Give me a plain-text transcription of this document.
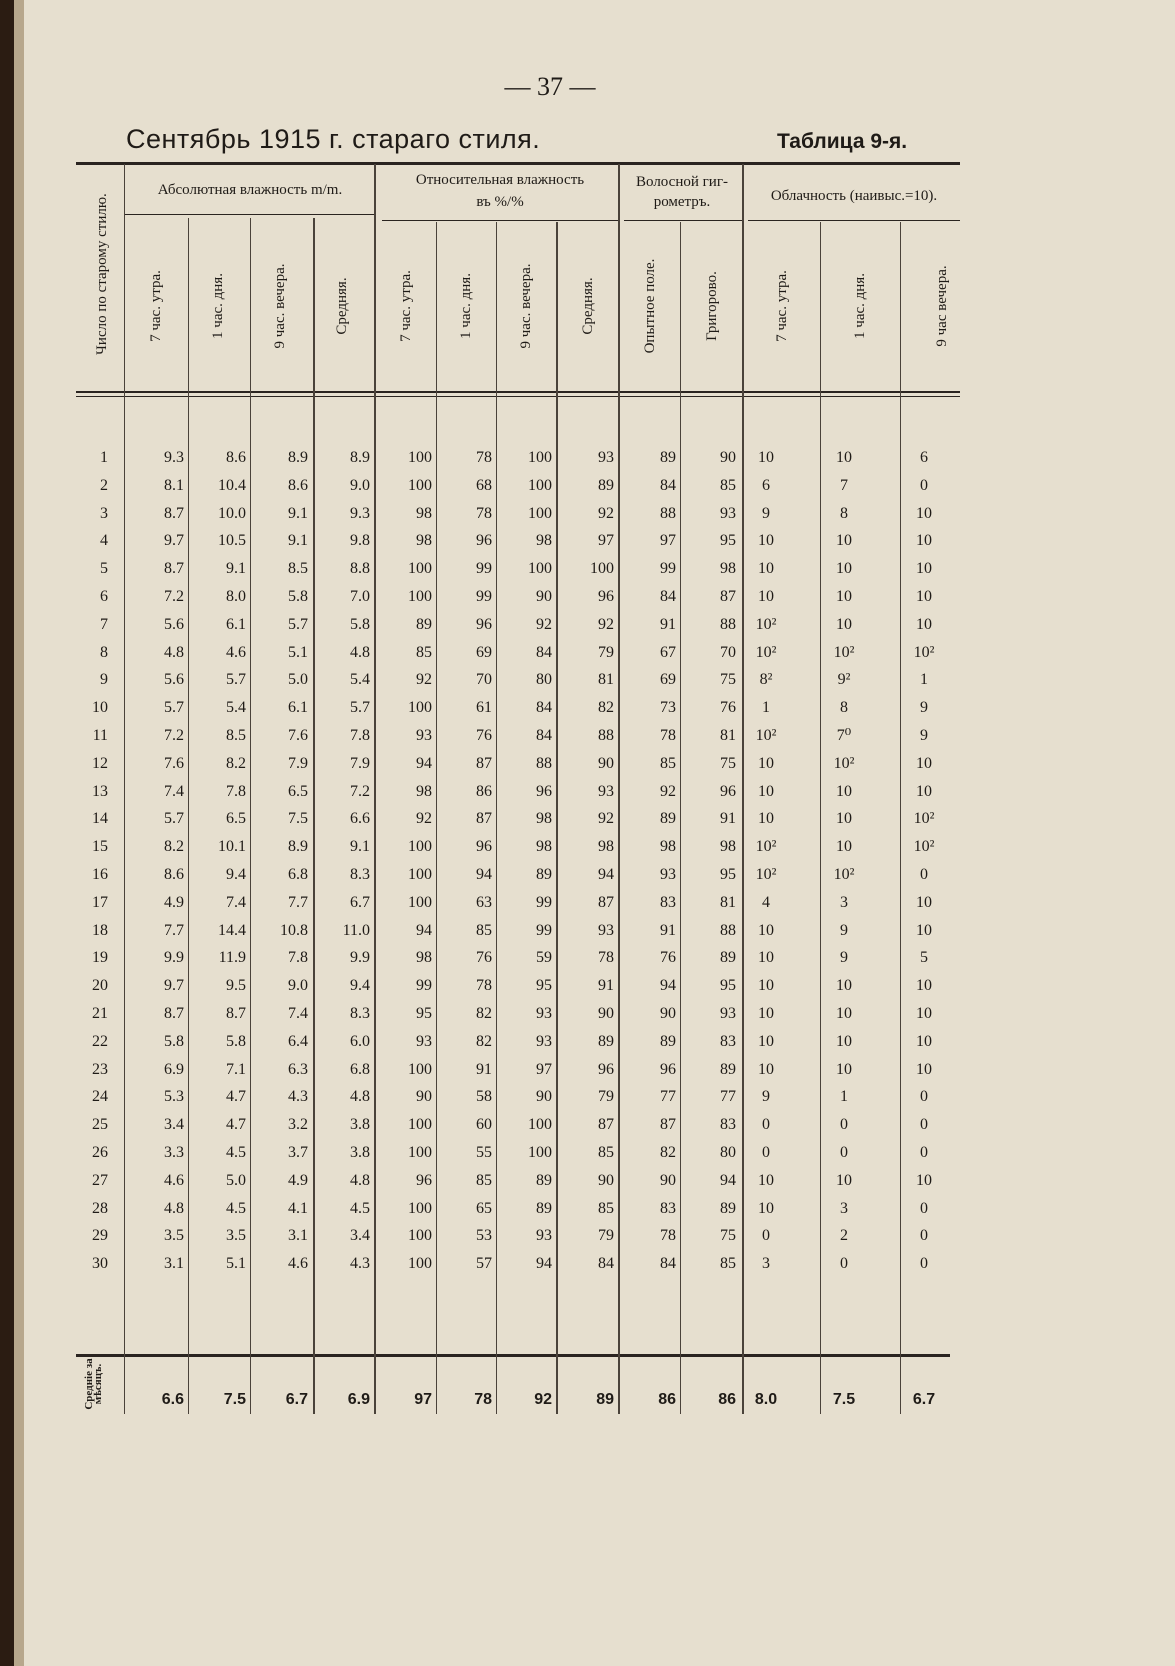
— 37 —
Сентябрь 1915 г. стараго стиля.	Таблица 9-я.
Абсолютная влажность m/m.
Относительная влажность
въ %/%
Волосной гиг-
рометръ.	Облачность (наивыс.=10).
Число по старому стилю.	7 час. утра.	1 час. дня.	9 час. вечера.	Средняя.	7 час. утра.	1 час. дня.	9 час. вечера.	Средняя.	Опытное поле.	Григорово.	7 час. утра.	1 час. дня.	9 час вечера.
1	9.3	8.6	8.9	8.9	100	78	100	93	89	90	10	10	6
2	8.1	10.4	8.6	9.0	100	68	100	89	84	85	6	7	0
3	8.7	10.0	9.1	9.3	98	78	100	92	88	93	9	8	10
4	9.7	10.5	9.1	9.8	98	96	98	97	97	95	10	10	10
5	8.7	9.1	8.5	8.8	100	99	100	100	99	98	10	10	10
6	7.2	8.0	5.8	7.0	100	99	90	96	84	87	10	10	10
7	5.6	6.1	5.7	5.8	89	96	92	92	91	88	10²	10	10
8	4.8	4.6	5.1	4.8	85	69	84	79	67	70	10²	10²	10²
9	5.6	5.7	5.0	5.4	92	70	80	81	69	75	8²	9²	1
10	5.7	5.4	6.1	5.7	100	61	84	82	73	76	1	8	9
11	7.2	8.5	7.6	7.8	93	76	84	88	78	81	10²	7⁰	9
12	7.6	8.2	7.9	7.9	94	87	88	90	85	75	10	10²	10
13	7.4	7.8	6.5	7.2	98	86	96	93	92	96	10	10	10
14	5.7	6.5	7.5	6.6	92	87	98	92	89	91	10	10	10²
15	8.2	10.1	8.9	9.1	100	96	98	98	98	98	10²	10	10²
16	8.6	9.4	6.8	8.3	100	94	89	94	93	95	10²	10²	0
17	4.9	7.4	7.7	6.7	100	63	99	87	83	81	4	3	10
18	7.7	14.4	10.8	11.0	94	85	99	93	91	88	10	9	10
19	9.9	11.9	7.8	9.9	98	76	59	78	76	89	10	9	5
20	9.7	9.5	9.0	9.4	99	78	95	91	94	95	10	10	10
21	8.7	8.7	7.4	8.3	95	82	93	90	90	93	10	10	10
22	5.8	5.8	6.4	6.0	93	82	93	89	89	83	10	10	10
23	6.9	7.1	6.3	6.8	100	91	97	96	96	89	10	10	10
24	5.3	4.7	4.3	4.8	90	58	90	79	77	77	9	1	0
25	3.4	4.7	3.2	3.8	100	60	100	87	87	83	0	0	0
26	3.3	4.5	3.7	3.8	100	55	100	85	82	80	0	0	0
27	4.6	5.0	4.9	4.8	96	85	89	90	90	94	10	10	10
28	4.8	4.5	4.1	4.5	100	65	89	85	83	89	10	3	0
29	3.5	3.5	3.1	3.4	100	53	93	79	78	75	0	2	0
30	3.1	5.1	4.6	4.3	100	57	94	84	84	85	3	0	0
Средніе за мѣсяцъ.	6.6	7.5	6.7	6.9	97	78	92	89	86	86	8.0	7.5	6.7
